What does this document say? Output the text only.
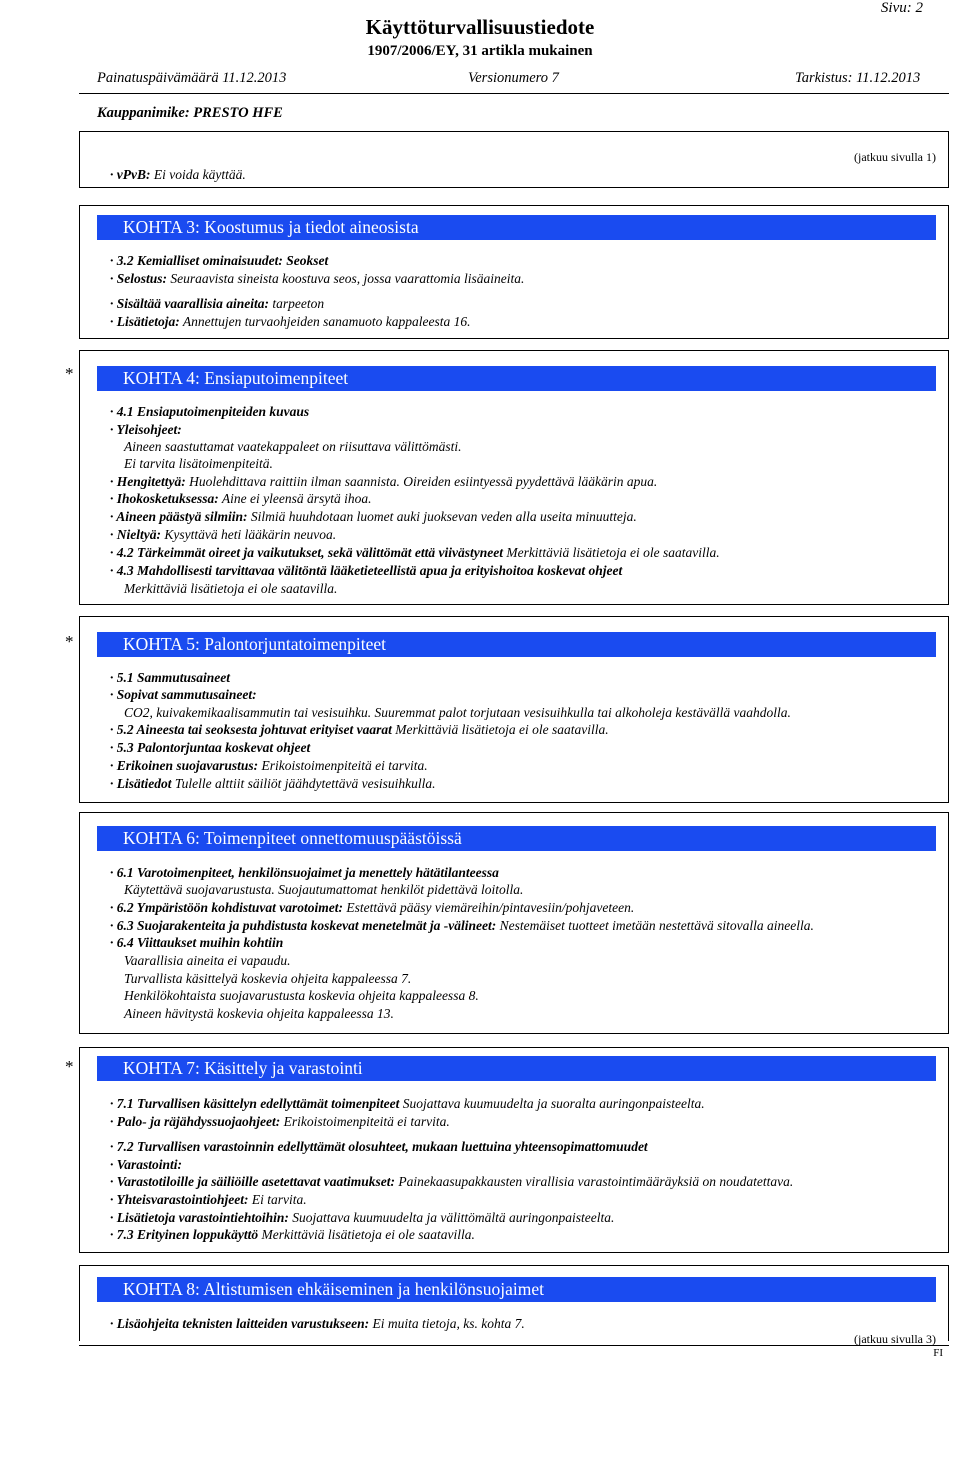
Sivu: 2
Käyttöturvallisuustiedote
1907/2006/EY, 31 artikla mukainen
Painatuspäivämäärä 11.12.2013	Versionumero 7	Tarkistus: 11.12.2013
Kauppanimike: PRESTO HFE
(jatkuu sivulla 1)
· vPvB: Ei voida käyttää.
KOHTA 3: Koostumus ja tiedot aineosista
· 3.2 Kemialliset ominaisuudet: Seokset
· Selostus: Seuraavista sineista koostuva seos, jossa vaarattomia lisäaineita.
· Sisältää vaarallisia aineita: tarpeeton
· Lisätietoja: Annettujen turvaohjeiden sanamuoto kappaleesta 16.
*	KOHTA 4: Ensiaputoimenpiteet
· 4.1 Ensiaputoimenpiteiden kuvaus
· Yleisohjeet:
Aineen saastuttamat vaatekappaleet on riisuttava välittömästi.
Ei tarvita lisätoimenpiteitä.
· Hengitettyä: Huolehdittava raittiin ilman saannista. Oireiden esiintyessä pyydettävä lääkärin apua.
· Ihokosketuksessa: Aine ei yleensä ärsytä ihoa.
· Aineen päästyä silmiin: Silmiä huuhdotaan luomet auki juoksevan veden alla useita minuutteja.
· Nieltyä: Kysyttävä heti lääkärin neuvoa.
· 4.2 Tärkeimmät oireet ja vaikutukset, sekä välittömät että viivästyneet Merkittäviä lisätietoja ei ole saatavilla.
· 4.3 Mahdollisesti tarvittavaa välitöntä lääketieteellistä apua ja erityishoitoa koskevat ohjeet
Merkittäviä lisätietoja ei ole saatavilla.
*	KOHTA 5: Palontorjuntatoimenpiteet
· 5.1 Sammutusaineet
· Sopivat sammutusaineet:
CO2, kuivakemikaalisammutin tai vesisuihku. Suuremmat palot torjutaan vesisuihkulla tai alkoholeja kestävällä vaahdolla.
· 5.2 Aineesta tai seoksesta johtuvat erityiset vaarat Merkittäviä lisätietoja ei ole saatavilla.
· 5.3 Palontorjuntaa koskevat ohjeet
· Erikoinen suojavarustus: Erikoistoimenpiteitä ei tarvita.
· Lisätiedot Tulelle alttiit säiliöt jäähdytettävä vesisuihkulla.
KOHTA 6: Toimenpiteet onnettomuuspäästöissä
· 6.1 Varotoimenpiteet, henkilönsuojaimet ja menettely hätätilanteessa
Käytettävä suojavarustusta. Suojautumattomat henkilöt pidettävä loitolla.
· 6.2 Ympäristöön kohdistuvat varotoimet: Estettävä pääsy viemäreihin/pintavesiin/pohjaveteen.
· 6.3 Suojarakenteita ja puhdistusta koskevat menetelmät ja -välineet: Nestemäiset tuotteet imetään nestettävä sitovalla aineella.
· 6.4 Viittaukset muihin kohtiin
Vaarallisia aineita ei vapaudu.
Turvallista käsittelyä koskevia ohjeita kappaleessa 7.
Henkilökohtaista suojavarustusta koskevia ohjeita kappaleessa 8.
Aineen hävitystä koskevia ohjeita kappaleessa 13.
*	KOHTA 7: Käsittely ja varastointi
· 7.1 Turvallisen käsittelyn edellyttämät toimenpiteet Suojattava kuumuudelta ja suoralta auringonpaisteelta.
· Palo- ja räjähdyssuojaohjeet: Erikoistoimenpiteitä ei tarvita.
· 7.2 Turvallisen varastoinnin edellyttämät olosuhteet, mukaan luettuina yhteensopimattomuudet
· Varastointi:
· Varastotiloille ja säiliöille asetettavat vaatimukset: Painekaasupakkausten virallisia varastointimääräyksiä on noudatettava.
· Yhteisvarastointiohjeet: Ei tarvita.
· Lisätietoja varastointiehtoihin: Suojattava kuumuudelta ja välittömältä auringonpaisteelta.
· 7.3 Erityinen loppukäyttö Merkittäviä lisätietoja ei ole saatavilla.
KOHTA 8: Altistumisen ehkäiseminen ja henkilönsuojaimet
· Lisäohjeita teknisten laitteiden varustukseen: Ei muita tietoja, ks. kohta 7.
(jatkuu sivulla 3)
FI
